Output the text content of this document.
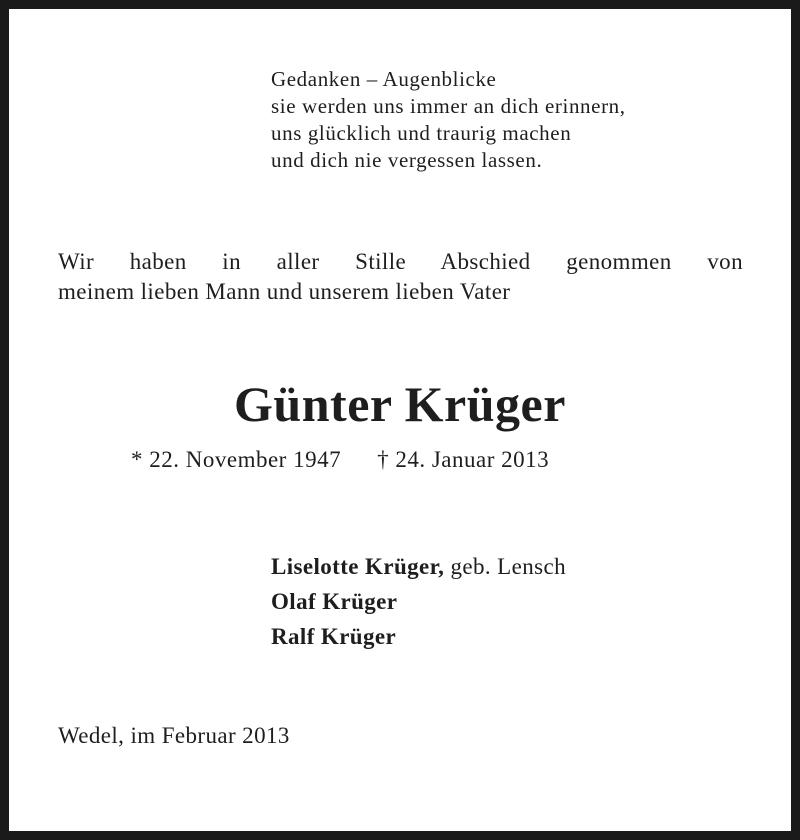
Gedanken – Augenblicke
sie werden uns immer an dich erinnern,
uns glücklich und traurig machen
und dich nie vergessen lassen.
Wir haben in aller Stille Abschied genommen von
meinem lieben Mann und unserem lieben Vater
Günter Krüger
* 22. November 1947 † 24. Januar 2013
Liselotte Krüger, geb. Lensch
Olaf Krüger
Ralf Krüger
Wedel, im Februar 2013
